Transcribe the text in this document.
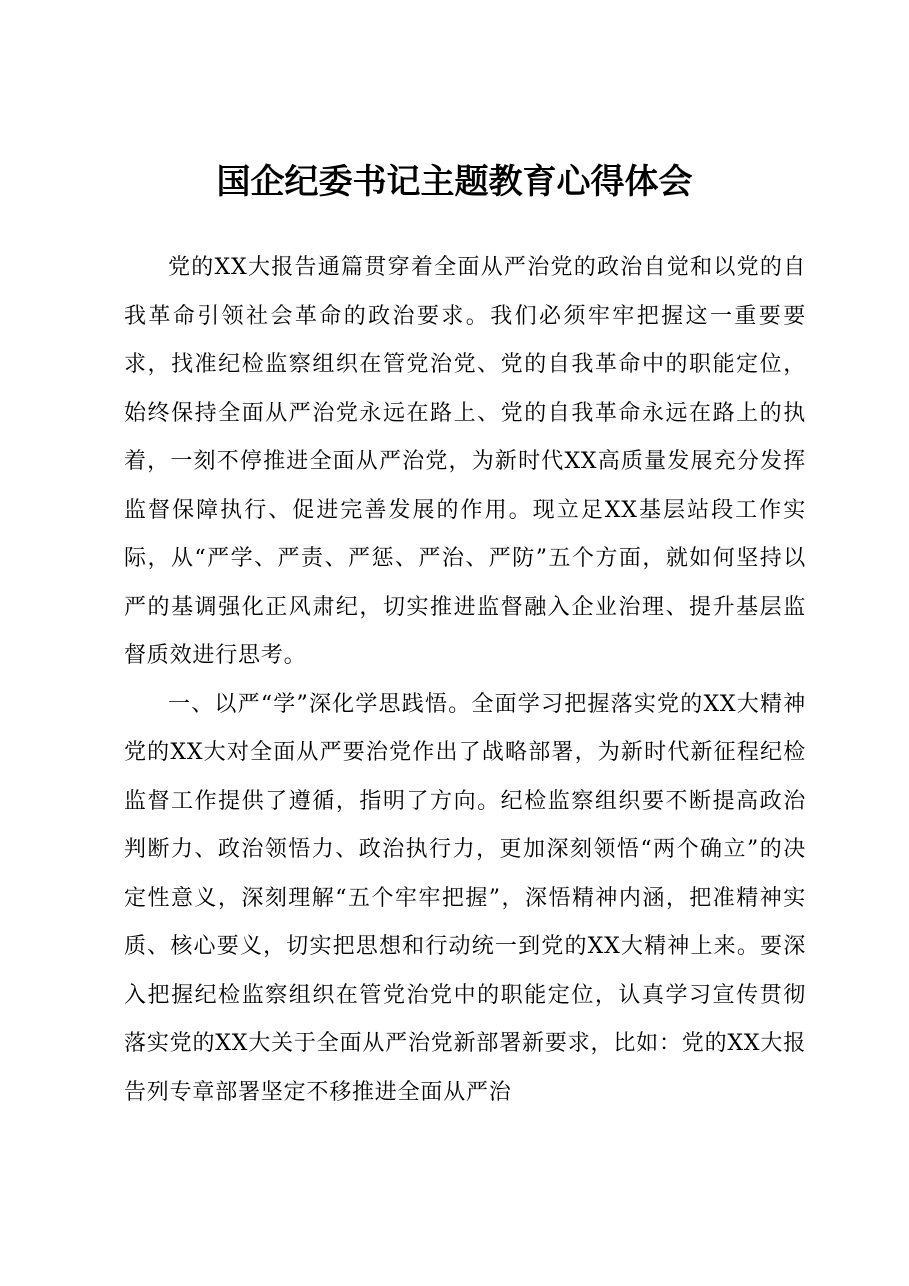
国企纪委书记主题教育心得体会

党的XX大报告通篇贯穿着全面从严治党的政治自觉和以党的自我革命引领社会革命的政治要求。我们必须牢牢把握这一重要要求，找准纪检监察组织在管党治党、党的自我革命中的职能定位，始终保持全面从严治党永远在路上、党的自我革命永远在路上的执着，一刻不停推进全面从严治党，为新时代XX高质量发展充分发挥监督保障执行、促进完善发展的作用。现立足XX基层站段工作实际，从“严学、严责、严惩、严治、严防”五个方面，就如何坚持以严的基调强化正风肃纪，切实推进监督融入企业治理、提升基层监督质效进行思考。

一、以严“学”深化学思践悟。全面学习把握落实党的XX大精神党的XX大对全面从严要治党作出了战略部署，为新时代新征程纪检监督工作提供了遵循，指明了方向。纪检监察组织要不断提高政治判断力、政治领悟力、政治执行力，更加深刻领悟“两个确立”的决定性意义，深刻理解“五个牢牢把握”，深悟精神内涵，把准精神实质、核心要义，切实把思想和行动统一到党的XX大精神上来。要深入把握纪检监察组织在管党治党中的职能定位，认真学习宣传贯彻落实党的XX大关于全面从严治党新部署新要求，比如：党的XX大报告列专章部署坚定不移推进全面从严治
